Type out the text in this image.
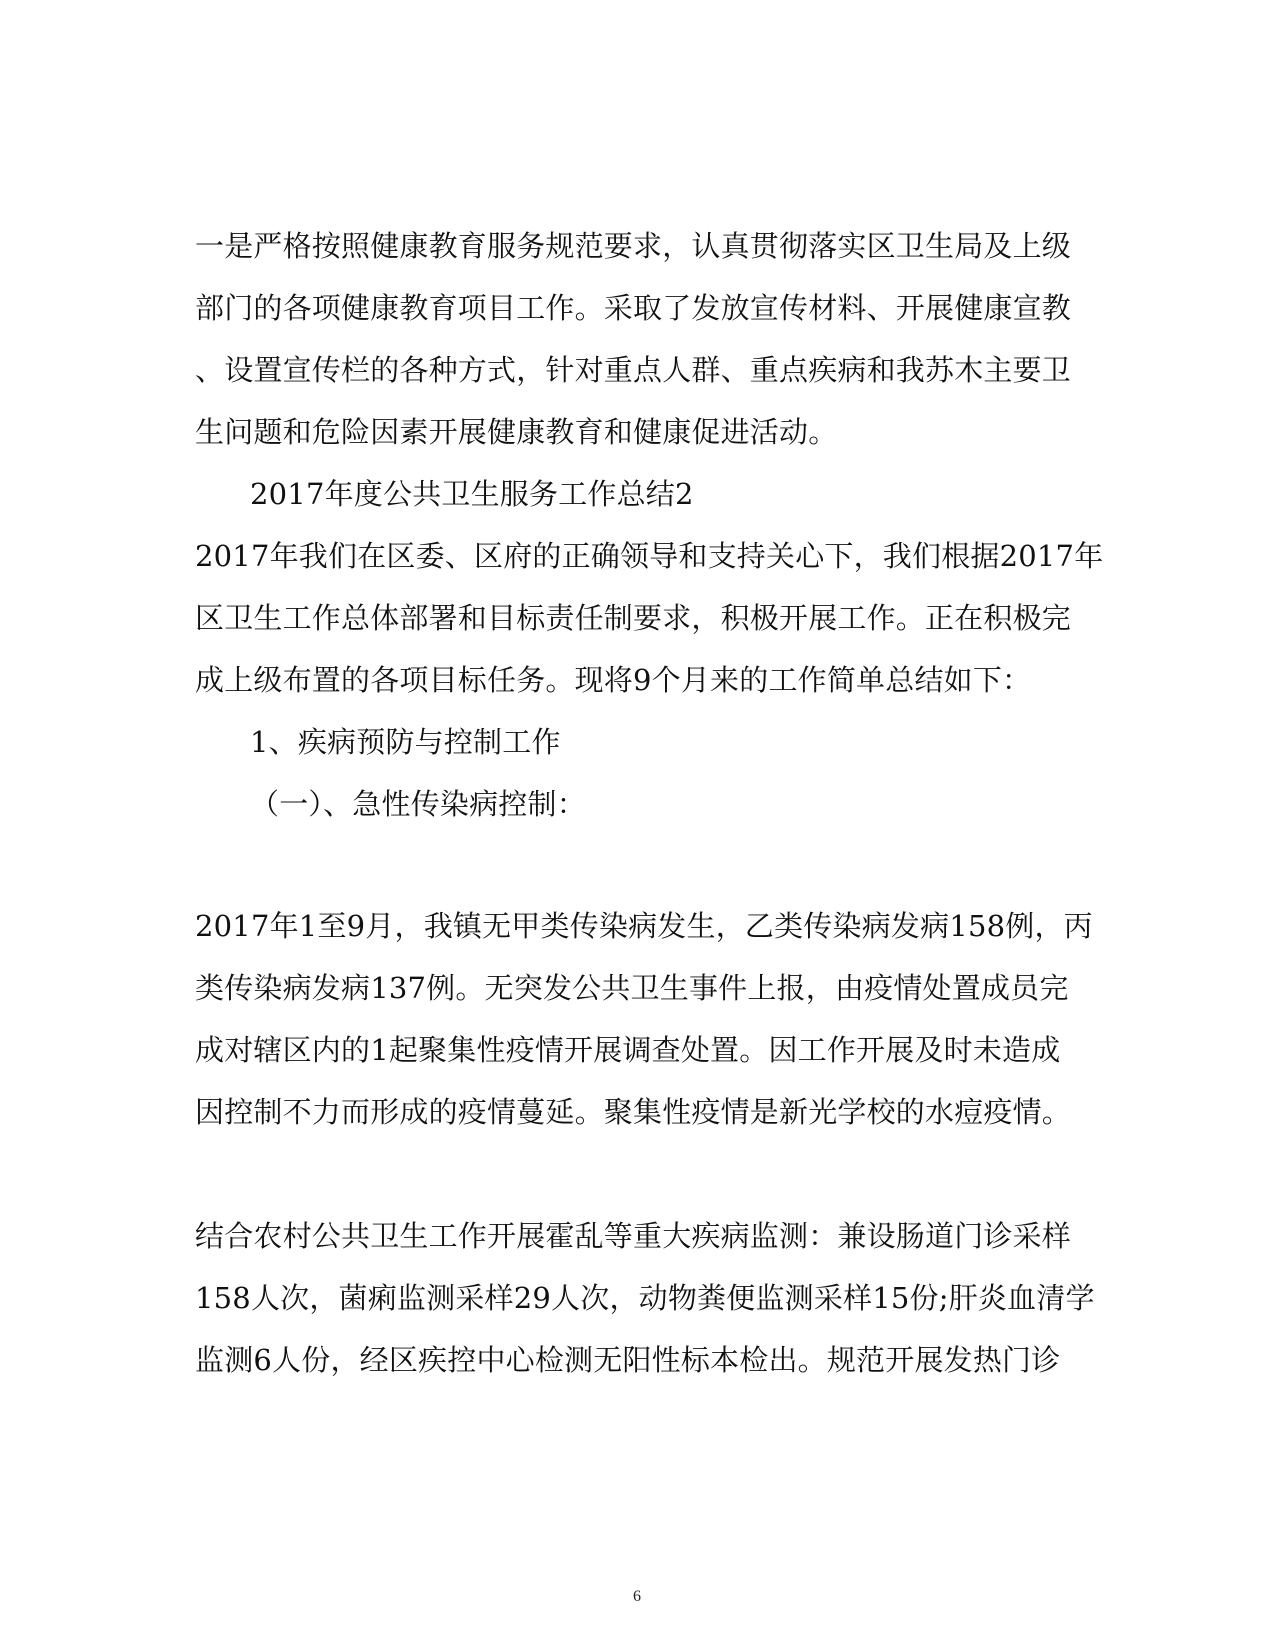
一是严格按照健康教育服务规范要求，认真贯彻落实区卫生局及上级
部门的各项健康教育项目工作。采取了发放宣传材料、开展健康宣教
、设置宣传栏的各种方式，针对重点人群、重点疾病和我苏木主要卫
生问题和危险因素开展健康教育和健康促进活动。
2017年度公共卫生服务工作总结2
2017年我们在区委、区府的正确领导和支持关心下，我们根据2017年
区卫生工作总体部署和目标责任制要求，积极开展工作。正在积极完
成上级布置的各项目标任务。现将9个月来的工作简单总结如下：
1、疾病预防与控制工作
（一）、急性传染病控制：
2017年1至9月，我镇无甲类传染病发生，乙类传染病发病158例，丙
类传染病发病137例。无突发公共卫生事件上报，由疫情处置成员完
成对辖区内的1起聚集性疫情开展调查处置。因工作开展及时未造成
因控制不力而形成的疫情蔓延。聚集性疫情是新光学校的水痘疫情。
结合农村公共卫生工作开展霍乱等重大疾病监测：兼设肠道门诊采样
158人次，菌痢监测采样29人次，动物粪便监测采样15份;肝炎血清学
监测6人份，经区疾控中心检测无阳性标本检出。规范开展发热门诊
6
